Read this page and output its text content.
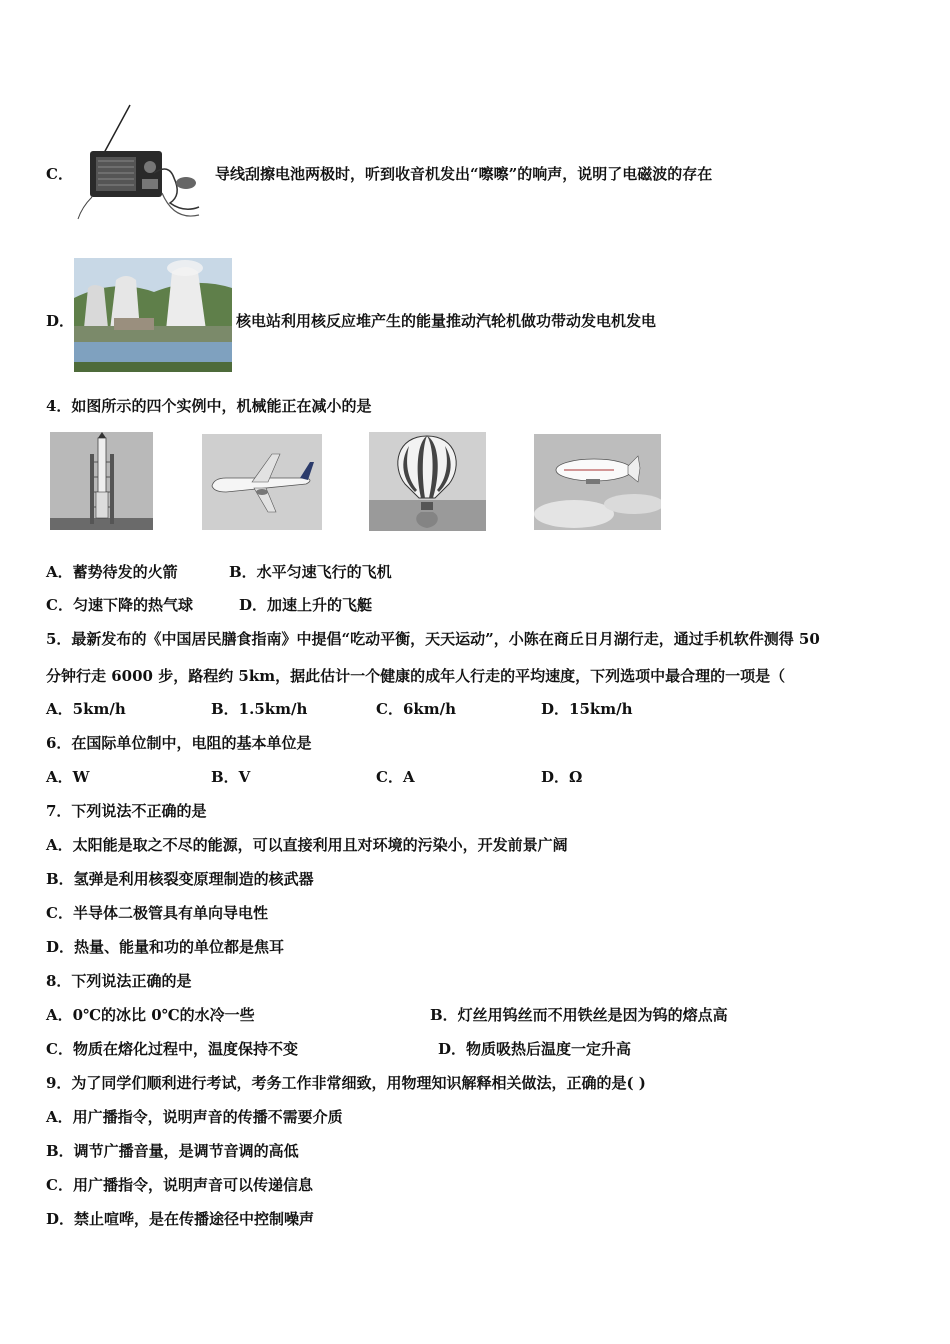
C．	导线刮擦电池两极时，听到收音机发出“嚓嚓”的响声，说明了电磁波的存在
D．	核电站利用核反应堆产生的能量推动汽轮机做功带动发电机发电
4．如图所示的四个实例中，机械能正在减小的是
A．蓄势待发的火箭	B．水平匀速飞行的飞机
C．匀速下降的热气球	D．加速上升的飞艇
5．最新发布的《中国居民膳食指南》中提倡“吃动平衡，天天运动”，小陈在商丘日月湖行走，通过手机软件测得 50
分钟行走 6000 步，路程约 5km，据此估计一个健康的成年人行走的平均速度，下列选项中最合理的一项是（
A．5km/h	B．1.5km/h	C．6km/h	D．15km/h
6．在国际单位制中，电阻的基本单位是
A．W	B．V	C．A	D．Ω
7．下列说法不正确的是
A．太阳能是取之不尽的能源，可以直接利用且对环境的污染小，开发前景广阔
B．氢弹是利用核裂变原理制造的核武器
C．半导体二极管具有单向导电性
D．热量、能量和功的单位都是焦耳
8．下列说法正确的是
A．0℃的冰比 0℃的水冷一些	B．灯丝用钨丝而不用铁丝是因为钨的熔点高
C．物质在熔化过程中，温度保持不变	D．物质吸热后温度一定升高
9．为了同学们顺利进行考试，考务工作非常细致，用物理知识解释相关做法，正确的是( )
A．用广播指令，说明声音的传播不需要介质
B．调节广播音量，是调节音调的高低
C．用广播指令，说明声音可以传递信息
D．禁止喧哗，是在传播途径中控制噪声
